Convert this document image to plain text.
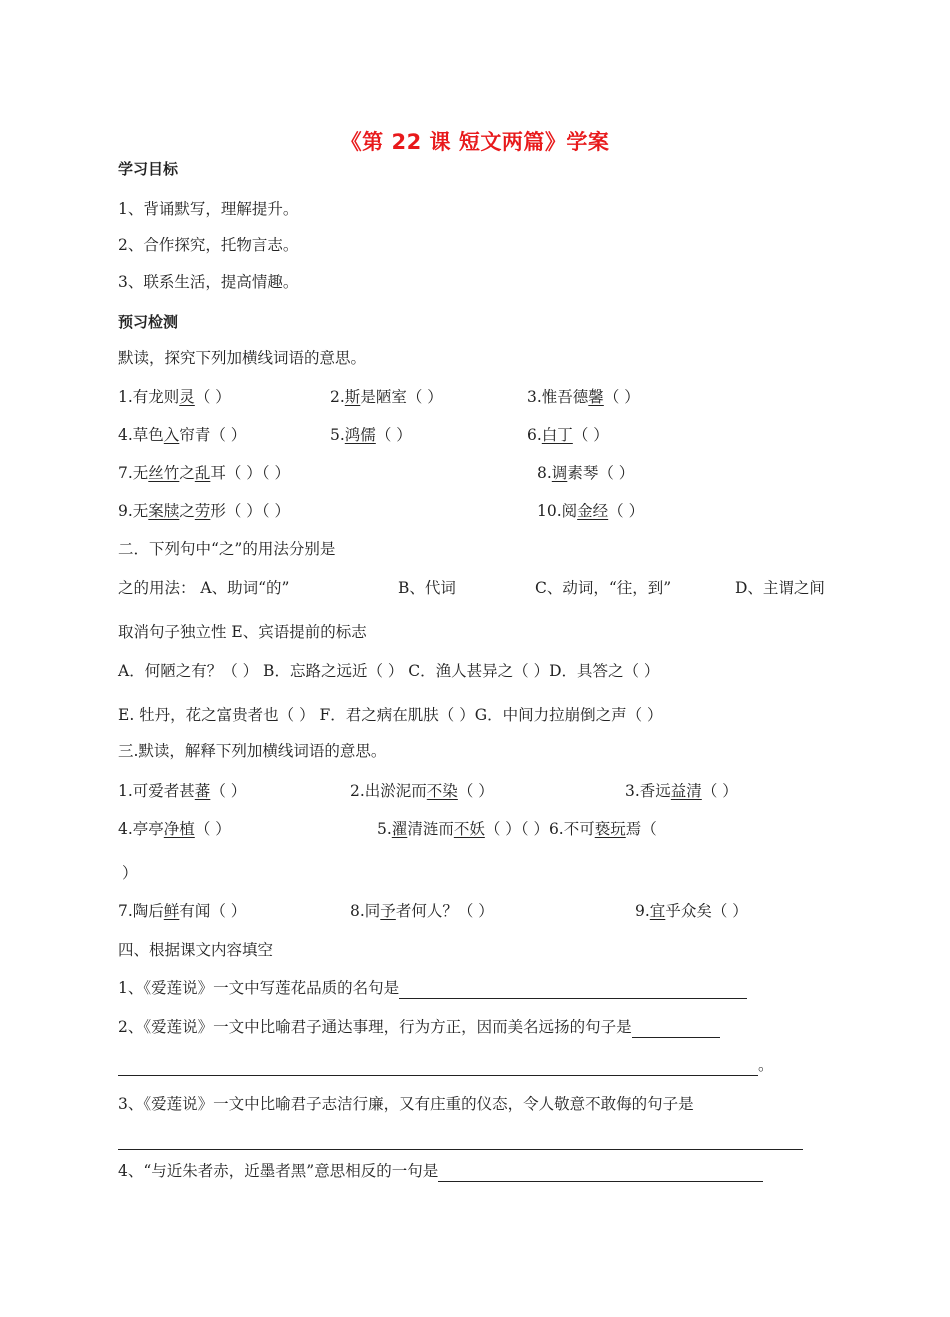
《第 22 课 短文两篇》学案
学习目标
1、背诵默写，理解提升。
2、合作探究，托物言志。
3、联系生活，提高情趣。
预习检测
默读，探究下列加横线词语的意思。
1.有龙则灵（ ）	2.斯是陋室（ ）	3.惟吾德馨（ ）
4.草色入帘青（ ）	5.鸿儒（ ）	6.白丁（ ）
7.无丝竹之乱耳（ ）（ ）	8.调素琴（ ）
9.无案牍之劳形（ ）（ ）	10.阅金经（ ）
二．下列句中“之”的用法分别是
之的用法： A、助词“的”	B、代词	C、动词，“往，到”	D、主谓之间
取消句子独立性 E、宾语提前的标志
A．何陋之有？（ ） B．忘路之远近（ ） C．渔人甚异之（ ）D．具答之（ ）
E. 牡丹，花之富贵者也（ ） F．君之病在肌肤（ ）G．中间力拉崩倒之声（ ）
三.默读，解释下列加横线词语的意思。
1.可爱者甚蕃（ ）	2.出淤泥而不染（ ）	3.香远益清（ ）
4.亭亭净植（ ）	5.濯清涟而不妖（ ）（ ）6.不可亵玩焉（
）
7.陶后鲜有闻（ ）	8.同予者何人？（ ）	9.宜乎众矣（ ）
四、根据课文内容填空
1、《爱莲说》一文中写莲花品质的名句是
2、《爱莲说》一文中比喻君子通达事理，行为方正，因而美名远扬的句子是
。
3、《爱莲说》一文中比喻君子志洁行廉，又有庄重的仪态，令人敬意不敢侮的句子是
4、“与近朱者赤，近墨者黑”意思相反的一句是
